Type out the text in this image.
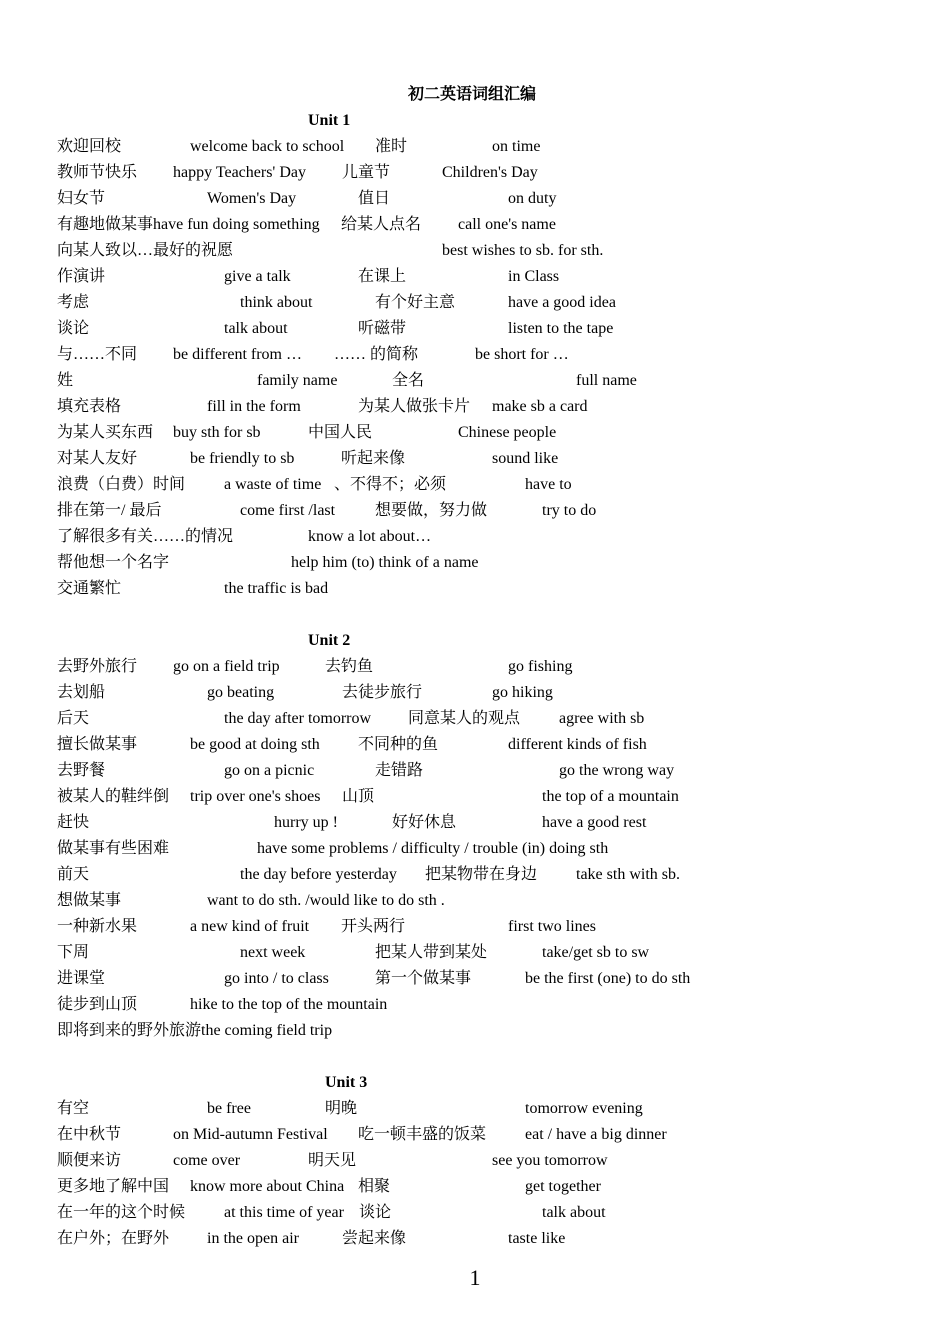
初二英语词组汇编
Unit 1
欢迎回校	welcome back to school 准时	on time
教师节快乐 happy Teachers' Day 儿童节	Children's Day
妇女节	Women's Day	值日	on duty
有趣地做某事have fun doing something 给某人点名 call one's name
向某人致以…最好的祝愿	best wishes to sb. for sth.
作演讲	give a talk	在课上	in Class
考虑	think about	有个好主意	have a good idea
谈论	talk about	听磁带	listen to the tape
与……不同 be different from … …… 的简称	be short for …
姓	family name	全名	full name
填充表格	fill in the form	为某人做张卡片 make sb a card
为某人买东西 buy sth for sb	中国人民	Chinese people
对某人友好	be friendly to sb	听起来像	sound like
浪费（白费）时间 a waste of time 、不得不；必须	have to
排在第一/ 最后	come first /last 想要做，努力做	try to do
了解很多有关……的情况	know a lot about…
帮他想一个名字	help him (to) think of a name
交通繁忙	the traffic is bad
Unit 2
去野外旅行 go on a field trip	去钓鱼	go fishing
去划船	go beating	去徒步旅行	go hiking
后天	the day after tomorrow 同意某人的观点 agree with sb
擅长做某事	be good at doing sth 不同种的鱼	different kinds of fish
去野餐	go on a picnic	走错路	go the wrong way
被某人的鞋绊倒 trip over one's shoes 山顶	the top of a mountain
赶快	hurry up !	好好休息	have a good rest
做某事有些困难	have some problems / difficulty / trouble (in) doing sth
前天	the day before yesterday 把某物带在身边 take sth with sb.
想做某事	want to do sth. /would like to do sth .
一种新水果	a new kind of fruit 开头两行	first two lines
下周	next week	把某人带到某处	take/get sb to sw
进课堂	go into / to class	第一个做某事	be the first (one) to do sth
徒步到山顶	hike to the top of the mountain
即将到来的野外旅游the coming field trip
Unit 3
有空	be free	明晚	tomorrow evening
在中秋节	on Mid-autumn Festival 吃一顿丰盛的饭菜 eat / have a big dinner
顺便来访	come over	明天见	see you tomorrow
更多地了解中国 know more about China 相聚	get together
在一年的这个时候 at this time of year 谈论	talk about
在户外；在野外 in the open air	尝起来像	taste like
1
